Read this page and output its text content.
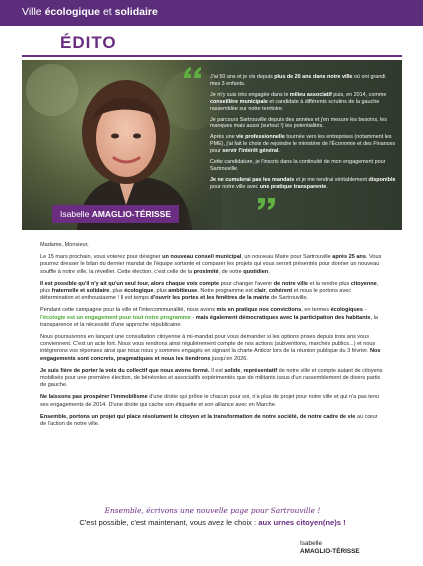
Ville écologique et solidaire
ÉDITO

J'ai 50 ans et je vis depuis plus de 20 ans dans notre ville où ont grandi mes 3 enfants.

Je m'y suis très engagée dans le milieu associatif puis, en 2014, comme conseillère municipale et candidate à différents scrutins de la gauche rassemblée sur notre territoire.

Je parcours Sartrouville depuis des années et j'en mesure les besoins, les manques mais aussi (surtout !) les potentialités.

Après une vie professionnelle tournée vers les entreprises (notamment les PME), j'ai fait le choix de rejoindre le ministère de l'Économie et des Finances pour servir l'intérêt général.

Cette candidature, je l'inscris dans la continuité de mon engagement pour Sartrouville.

Je ne cumulerai pas les mandats et je me rendrai véritablement disponible pour notre ville avec une pratique transparente.

Isabelle AMAGLIO-TÉRISSE

Madame, Monsieur,

Le 15 mars prochain, vous voterez pour désigner un nouveau conseil municipal, un nouveau Maire pour Sartrouville après 25 ans. Vous pourrez dresser le bilan du dernier mandat de l'équipe sortante et comparer les projets qui vous seront présentés pour donner un nouveau souffle à notre ville, la réveiller. Cette élection, c'est celle de la proximité, de votre quotidien.

Il est possible qu'il n'y ait qu'un seul tour, alors chaque voix compte pour changer l'avenir de notre ville et la rendre plus citoyenne, plus fraternelle et solidaire, plus écologique, plus ambitieuse. Notre programme est clair, cohérent et nous le portons avec détermination et enthousiasme ! Il est temps d'ouvrir les portes et les fenêtres de la mairie de Sartrouville.

Pendant cette campagne pour la ville et l'intercommunalité, nous avons mis en pratique nos convictions, en termes écologiques - l'écologie est un engagement pour tout notre programme - mais également démocratiques avec la participation des habitants, la transparence et la nécessité d'une approche républicaine.

Nous poursuivrons en lançant une consultation citoyenne à mi-mandat pour vous demander si les options prises depuis trois ans vous conviennent. C'est un acte fort. Nous vous rendrons ainsi régulièrement compte de nos actions (subventions, marchés publics...) et nous intégrerons vos réponses ainsi que nous nous y sommes engagés en signant la charte Anticor lors de la réunion publique du 3 février. Nos engagements sont concrets, pragmatiques et nous les tiendrons jusqu'en 2026.

Je suis fière de porter la voix du collectif que nous avons formé. Il est solide, représentatif de notre ville et compte autant de citoyens mobilisés pour une première élection, de bénévoles et associatifs expérimentés que de militants issus d'un rassemblement de divers partis de gauche.

Ne laissons pas prospérer l'immobilisme d'une droite qui prône le chacun pour soi, n'a plus de projet pour notre ville et qui n'a pas tenu ses engagements de 2014. D'une droite qui cache son étiquette et son alliance avec en Marche.

Ensemble, portons un projet qui place résolument le citoyen et la transformation de notre société, de notre cadre de vie au cœur de l'action de notre ville.

Ensemble, écrivons une nouvelle page pour Sartrouville !
C'est possible, c'est maintenant, vous avez le choix : aux urnes citoyen(ne)s !
Isabelle
AMAGLIO-TÉRISSE
